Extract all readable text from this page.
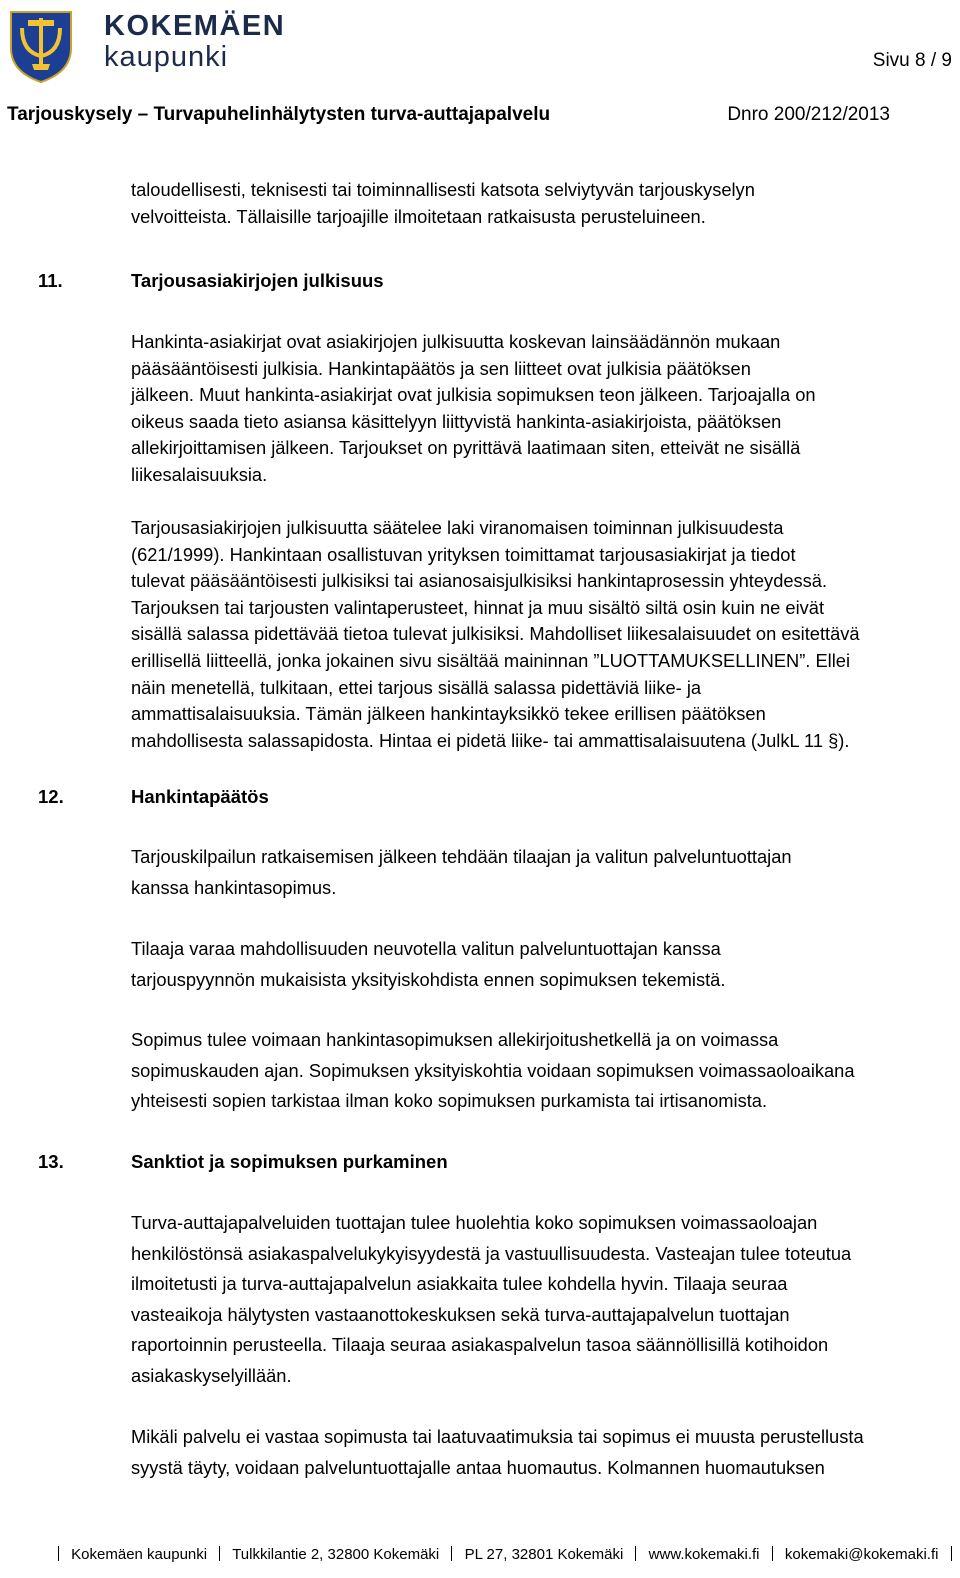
KOKEMÄEN
kaupunki	Sivu 8 / 9
Tarjouskysely – Turvapuhelinhälytysten turva-auttajapalvelu	Dnro 200/212/2013
taloudellisesti, teknisesti tai toiminnallisesti katsota selviytyvän tarjouskyselyn
velvoitteista. Tällaisille tarjoajille ilmoitetaan ratkaisusta perusteluineen.
11.	Tarjousasiakirjojen julkisuus
Hankinta-asiakirjat ovat asiakirjojen julkisuutta koskevan lainsäädännön mukaan
pääsääntöisesti julkisia. Hankintapäätös ja sen liitteet ovat julkisia päätöksen
jälkeen. Muut hankinta-asiakirjat ovat julkisia sopimuksen teon jälkeen. Tarjoajalla on
oikeus saada tieto asiansa käsittelyyn liittyvistä hankinta-asiakirjoista, päätöksen
allekirjoittamisen jälkeen. Tarjoukset on pyrittävä laatimaan siten, etteivät ne sisällä
liikesalaisuuksia.
Tarjousasiakirjojen julkisuutta säätelee laki viranomaisen toiminnan julkisuudesta
(621/1999). Hankintaan osallistuvan yrityksen toimittamat tarjousasiakirjat ja tiedot
tulevat pääsääntöisesti julkisiksi tai asianosaisjulkisiksi hankintaprosessin yhteydessä.
Tarjouksen tai tarjousten valintaperusteet, hinnat ja muu sisältö siltä osin kuin ne eivät
sisällä salassa pidettävää tietoa tulevat julkisiksi. Mahdolliset liikesalaisuudet on esitettävä
erillisellä liitteellä, jonka jokainen sivu sisältää maininnan ”LUOTTAMUKSELLINEN”. Ellei
näin menetellä, tulkitaan, ettei tarjous sisällä salassa pidettäviä liike- ja
ammattisalaisuuksia. Tämän jälkeen hankintayksikkö tekee erillisen päätöksen
mahdollisesta salassapidosta. Hintaa ei pidetä liike- tai ammattisalaisuutena (JulkL 11 §).
12.	Hankintapäätös
Tarjouskilpailun ratkaisemisen jälkeen tehdään tilaajan ja valitun palveluntuottajan
kanssa hankintasopimus.
Tilaaja varaa mahdollisuuden neuvotella valitun palveluntuottajan kanssa
tarjouspyynnön mukaisista yksityiskohdista ennen sopimuksen tekemistä.
Sopimus tulee voimaan hankintasopimuksen allekirjoitushetkellä ja on voimassa
sopimuskauden ajan. Sopimuksen yksityiskohtia voidaan sopimuksen voimassaoloaikana
yhteisesti sopien tarkistaa ilman koko sopimuksen purkamista tai irtisanomista.
13.	Sanktiot ja sopimuksen purkaminen
Turva-auttajapalveluiden tuottajan tulee huolehtia koko sopimuksen voimassaoloajan
henkilöstönsä asiakaspalvelukykyisyydestä ja vastuullisuudesta. Vasteajan tulee toteutua
ilmoitetusti ja turva-auttajapalvelun asiakkaita tulee kohdella hyvin. Tilaaja seuraa
vasteaikoja hälytysten vastaanottokeskuksen sekä turva-auttajapalvelun tuottajan
raportoinnin perusteella. Tilaaja seuraa asiakaspalvelun tasoa säännöllisillä kotihoidon
asiakaskyselyillään.
Mikäli palvelu ei vastaa sopimusta tai laatuvaatimuksia tai sopimus ei muusta perustellusta
syystä täyty, voidaan palveluntuottajalle antaa huomautus. Kolmannen huomautuksen
Kokemäen kaupunki Tulkkilantie 2, 32800 Kokemäki PL 27, 32801 Kokemäki www.kokemaki.fi kokemaki@kokemaki.fi
